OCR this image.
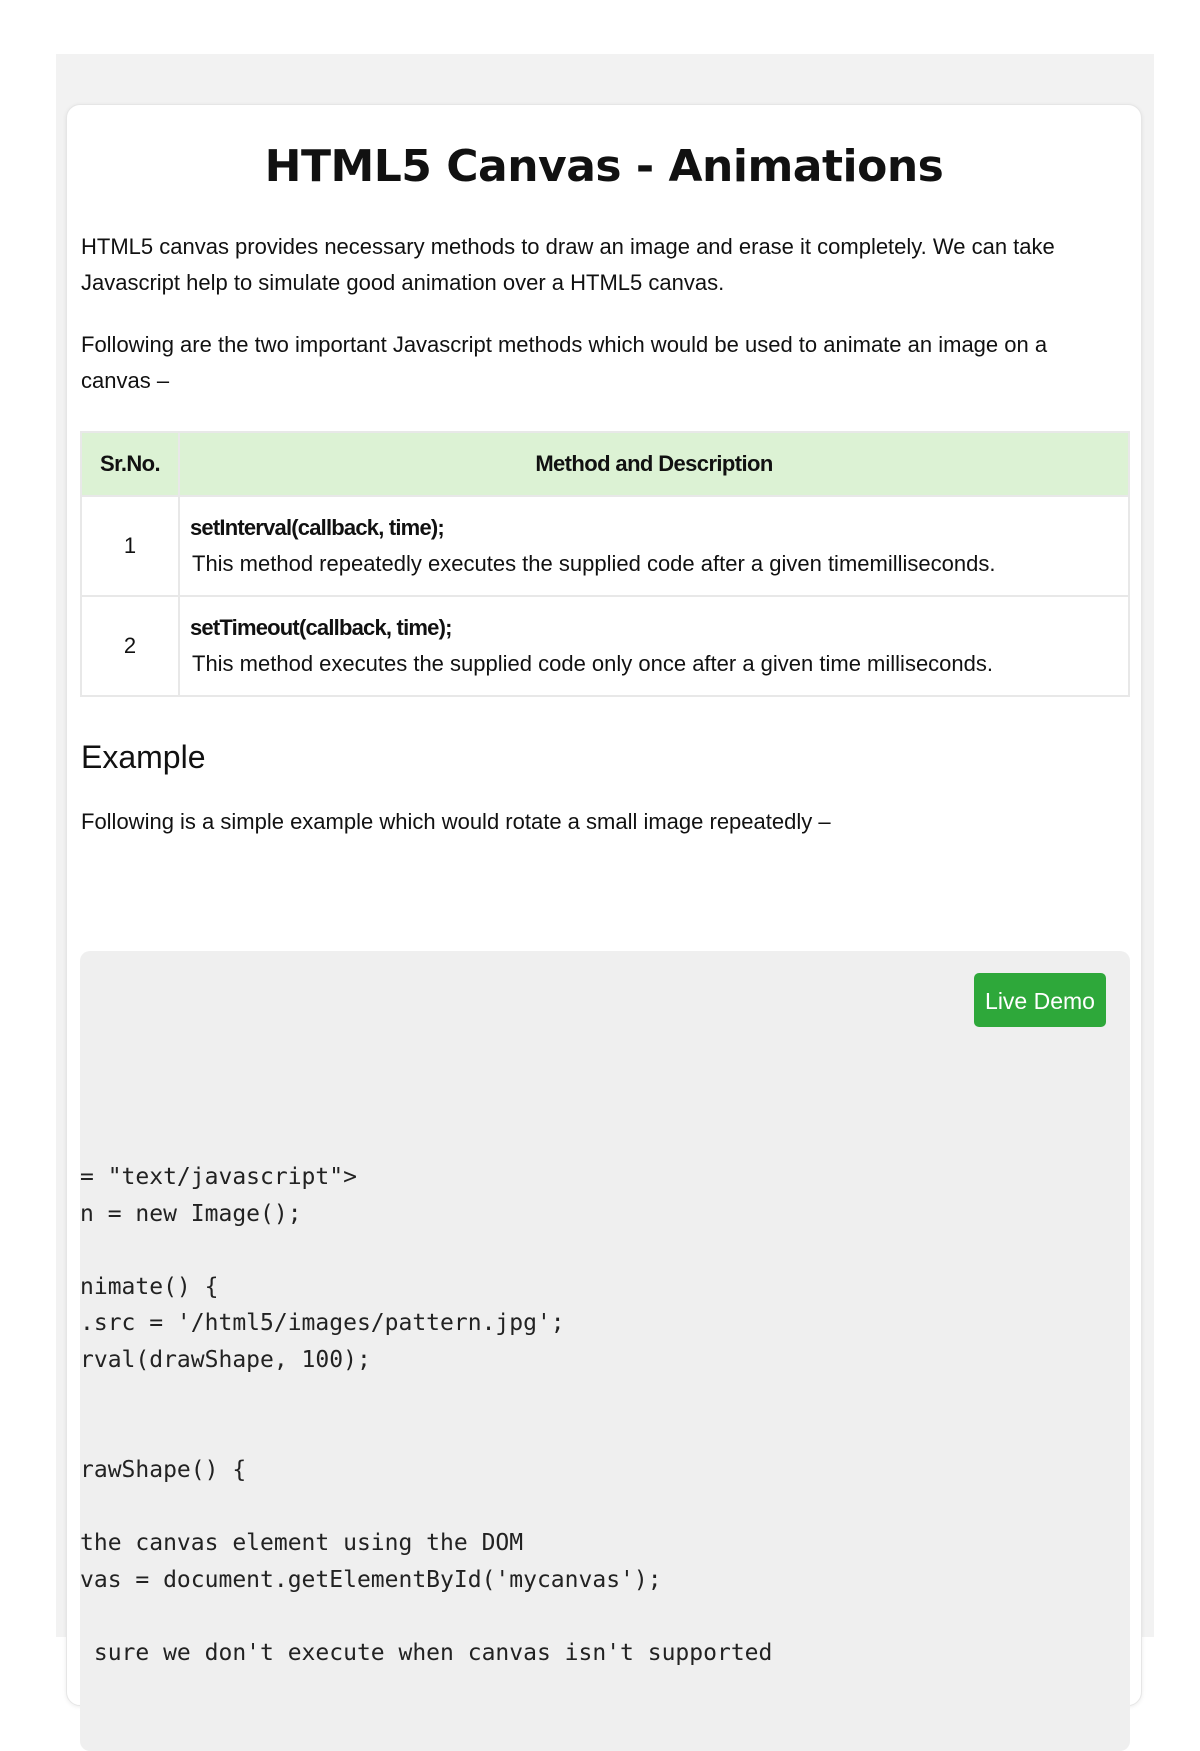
HTML5 Canvas - Animations

HTML5 canvas provides necessary methods to draw an image and erase it completely. We can take Javascript help to simulate good animation over a HTML5 canvas.

Following are the two important Javascript methods which would be used to animate an image on a canvas –

Sr.No.	Method and Description
1	setInterval(callback, time);
This method repeatedly executes the supplied code after a given timemilliseconds.

2	setTimeout(callback, time);
This method executes the supplied code only once after a given time milliseconds.
Example

Following is a simple example which would rotate a small image repeatedly –

Live Demo
= "text/javascript">
n = new Image();
nimate() {
.src = '/html5/images/pattern.jpg';
rval(drawShape, 100);
rawShape() {
the canvas element using the DOM
vas = document.getElementById('mycanvas');
sure we don't execute when canvas isn't supported
